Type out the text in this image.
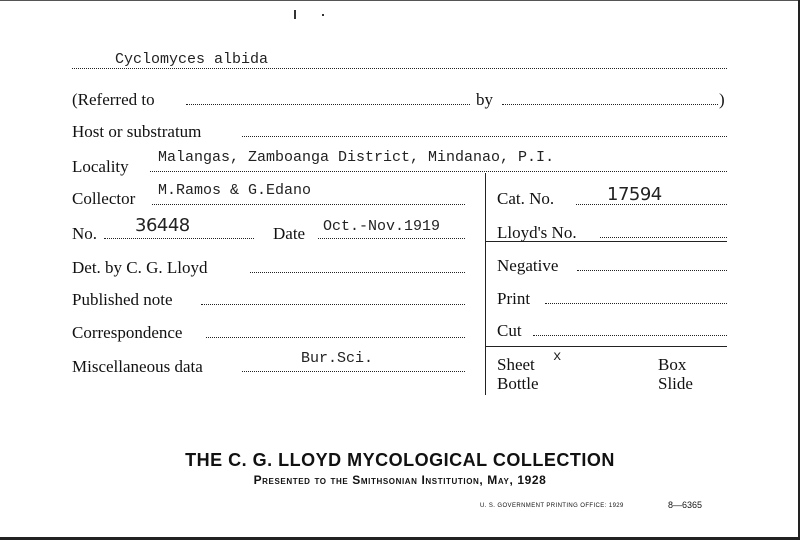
Cyclomyces albida
(Referred to	by	)
Host or substratum
Locality Malangas, Zamboanga District, Mindanao, P.I.
Collector M.Ramos & G.Edano	Cat. No.	17594
No. 36448	Date Oct.-Nov.1919	Lloyd's No.
Det. by C. G. Lloyd	Negative
Published note	Print
Correspondence	Cut
Miscellaneous data	Bur.Sci.	Sheet x	Box
Bottle	Slide
THE C. G. LLOYD MYCOLOGICAL COLLECTION
Presented to the Smithsonian Institution, May, 1928
U. S. GOVERNMENT PRINTING OFFICE: 1929	8—6365
